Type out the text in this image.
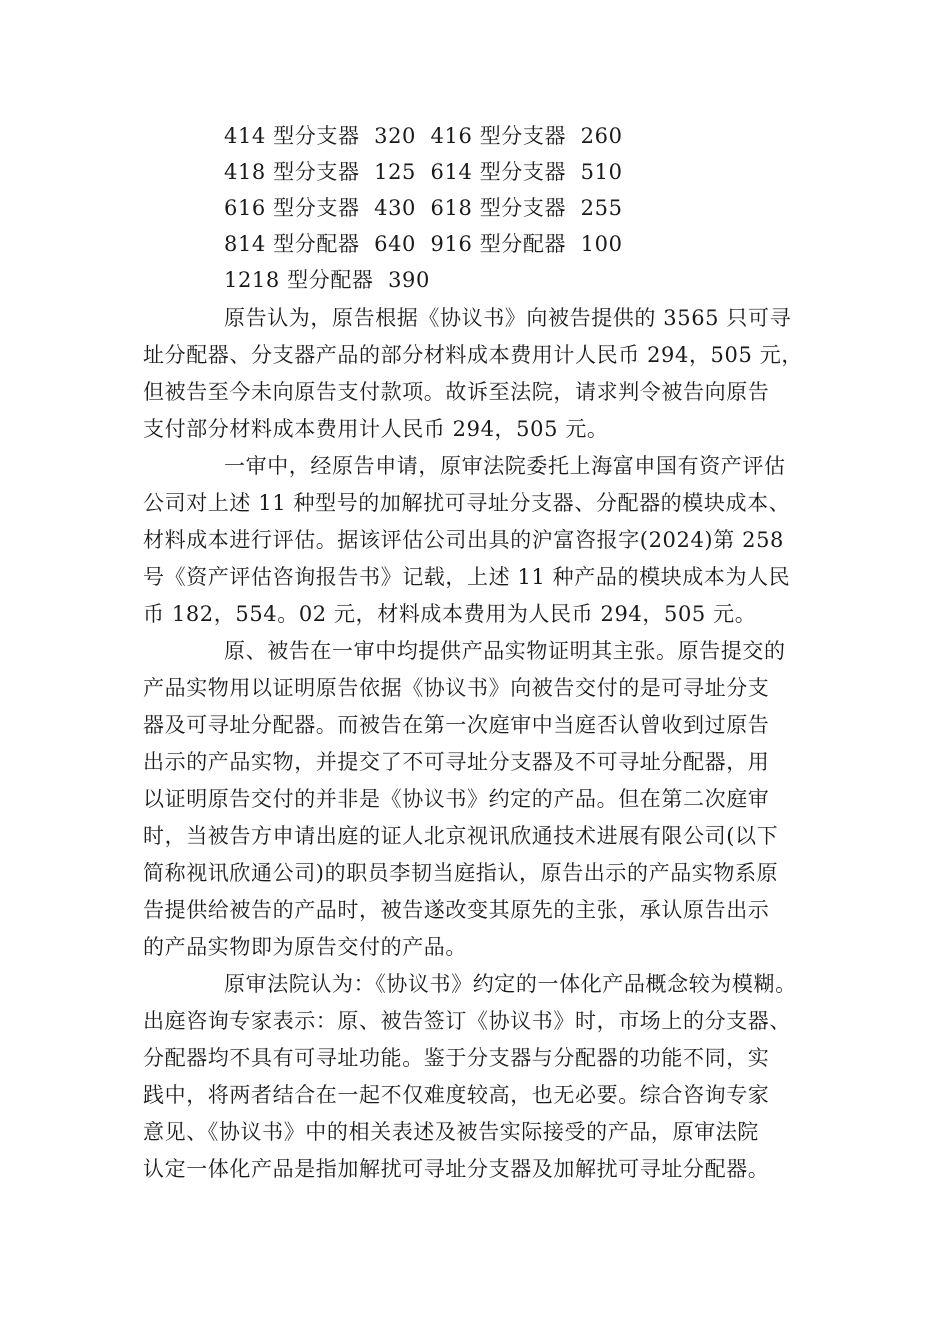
414 型分支器  320  416 型分支器  260
418 型分支器  125  614 型分支器  510
616 型分支器  430  618 型分支器  255
814 型分配器  640  916 型分配器  100
1218 型分配器  390
原告认为，原告根据《协议书》向被告提供的 3565 只可寻
址分配器、分支器产品的部分材料成本费用计人民币 294，505 元，
但被告至今未向原告支付款项。故诉至法院，请求判令被告向原告
支付部分材料成本费用计人民币 294，505 元。
一审中，经原告申请，原审法院委托上海富申国有资产评估
公司对上述 11 种型号的加解扰可寻址分支器、分配器的模块成本、
材料成本进行评估。据该评估公司出具的沪富咨报字(2024)第 258
号《资产评估咨询报告书》记载，上述 11 种产品的模块成本为人民
币 182，554。02 元，材料成本费用为人民币 294，505 元。
原、被告在一审中均提供产品实物证明其主张。原告提交的
产品实物用以证明原告依据《协议书》向被告交付的是可寻址分支
器及可寻址分配器。而被告在第一次庭审中当庭否认曾收到过原告
出示的产品实物，并提交了不可寻址分支器及不可寻址分配器，用
以证明原告交付的并非是《协议书》约定的产品。但在第二次庭审
时，当被告方申请出庭的证人北京视讯欣通技术进展有限公司(以下
简称视讯欣通公司)的职员李韧当庭指认，原告出示的产品实物系原
告提供给被告的产品时，被告遂改变其原先的主张，承认原告出示
的产品实物即为原告交付的产品。
原审法院认为：《协议书》约定的一体化产品概念较为模糊。
出庭咨询专家表示：原、被告签订《协议书》时，市场上的分支器、
分配器均不具有可寻址功能。鉴于分支器与分配器的功能不同，实
践中，将两者结合在一起不仅难度较高，也无必要。综合咨询专家
意见、《协议书》中的相关表述及被告实际接受的产品，原审法院
认定一体化产品是指加解扰可寻址分支器及加解扰可寻址分配器。
